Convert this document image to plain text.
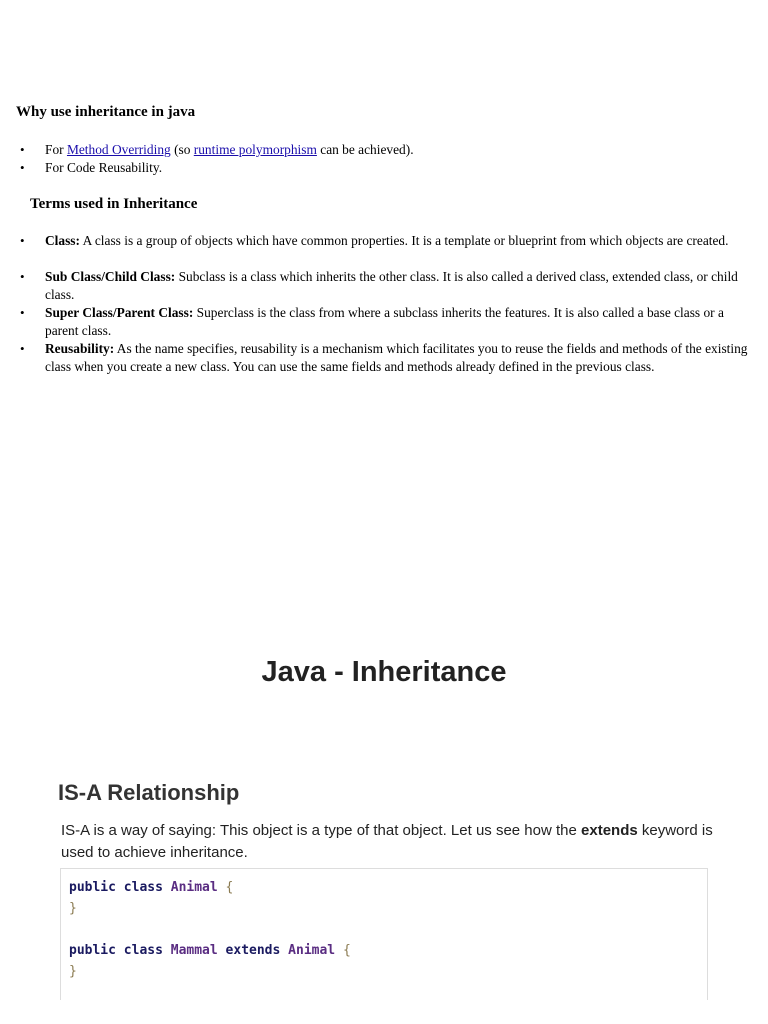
Why use inheritance in java
• For Method Overriding (so runtime polymorphism can be achieved).
• For Code Reusability.
Terms used in Inheritance
• Class: A class is a group of objects which have common properties. It is a template or blueprint from which objects are created.
• Sub Class/Child Class: Subclass is a class which inherits the other class. It is also called a derived class, extended class, or child class.
• Super Class/Parent Class: Superclass is the class from where a subclass inherits the features. It is also called a base class or a parent class.
• Reusability: As the name specifies, reusability is a mechanism which facilitates you to reuse the fields and methods of the existing class when you create a new class. You can use the same fields and methods already defined in the previous class.
Java - Inheritance
IS-A Relationship

IS-A is a way of saying: This object is a type of that object. Let us see how the extends keyword is used to achieve inheritance.

public class Animal {
}
public class Mammal extends Animal {
}
